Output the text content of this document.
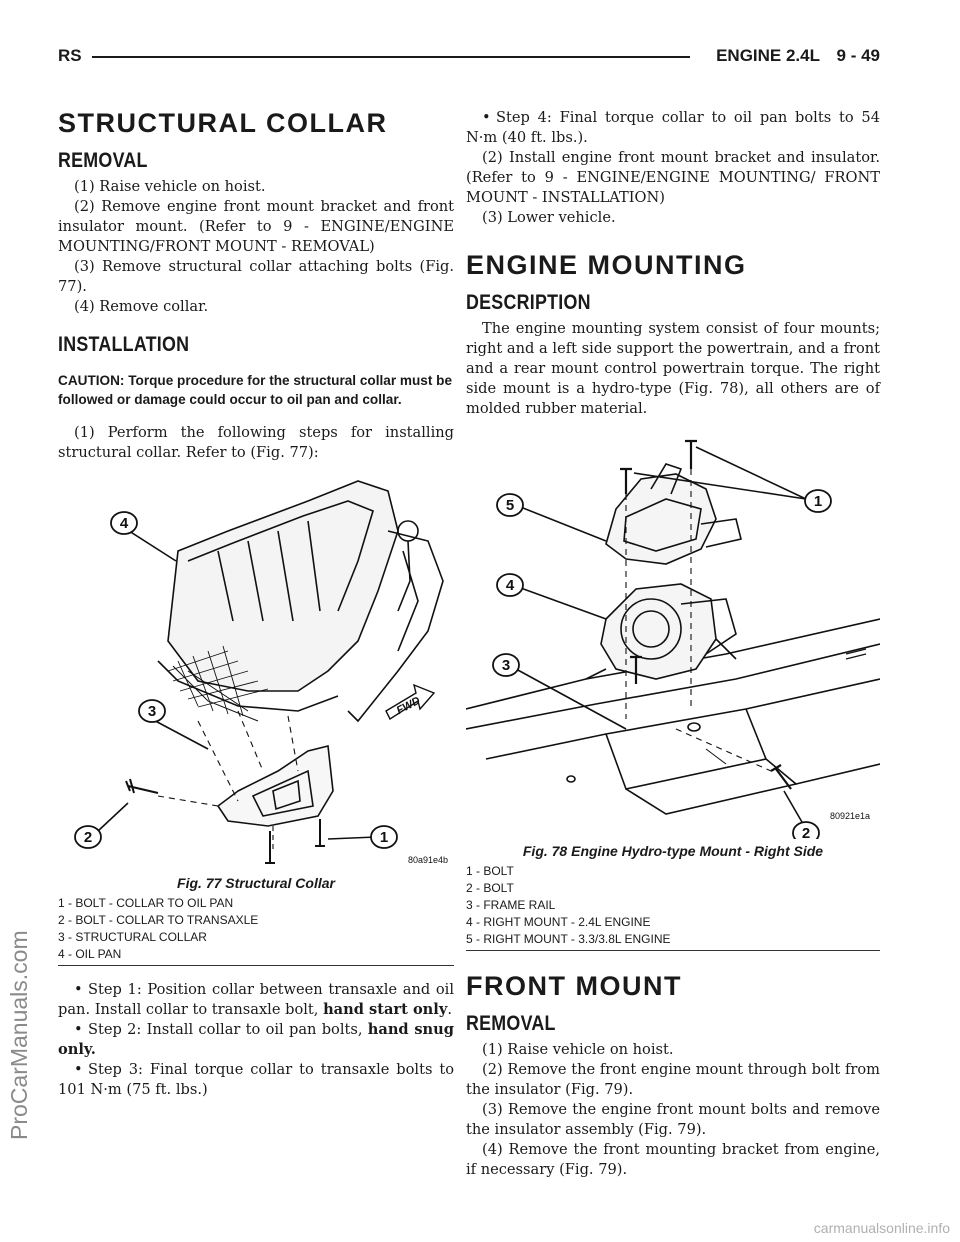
RS	ENGINE 2.4L 9 - 49
STRUCTURAL COLLAR
REMOVAL

(1) Raise vehicle on hoist.

(2) Remove engine front mount bracket and front insulator mount. (Refer to 9 - ENGINE/ENGINE MOUNTING/FRONT MOUNT - REMOVAL)

(3) Remove structural collar attaching bolts (Fig. 77).

(4) Remove collar.

INSTALLATION
CAUTION: Torque procedure for the structural collar must be followed or damage could occur to oil pan and collar.

(1) Perform the following steps for installing structural collar. Refer to (Fig. 77):

1
2
3
4
FWD
80a91e4b
Fig. 77 Structural Collar
1 - BOLT - COLLAR TO OIL PAN
2 - BOLT - COLLAR TO TRANSAXLE
3 - STRUCTURAL COLLAR
4 - OIL PAN

• Step 1: Position collar between transaxle and oil pan. Install collar to transaxle bolt, hand start only.

• Step 2: Install collar to oil pan bolts, hand snug only.

• Step 3: Final torque collar to transaxle bolts to 101 N·m (75 ft. lbs.)

• Step 4: Final torque collar to oil pan bolts to 54 N·m (40 ft. lbs.).

(2) Install engine front mount bracket and insulator. (Refer to 9 - ENGINE/ENGINE MOUNTING/ FRONT MOUNT - INSTALLATION)

(3) Lower vehicle.

ENGINE MOUNTING
DESCRIPTION

The engine mounting system consist of four mounts; right and a left side support the powertrain, and a front and a rear mount control powertrain torque. The right side mount is a hydro-type (Fig. 78), all others are of molded rubber material.

1
2
3
4
5
80921e1a
Fig. 78 Engine Hydro-type Mount - Right Side
1 - BOLT
2 - BOLT
3 - FRAME RAIL
4 - RIGHT MOUNT - 2.4L ENGINE
5 - RIGHT MOUNT - 3.3/3.8L ENGINE
FRONT MOUNT
REMOVAL

(1) Raise vehicle on hoist.

(2) Remove the front engine mount through bolt from the insulator (Fig. 79).

(3) Remove the engine front mount bolts and remove the insulator assembly (Fig. 79).

(4) Remove the front mounting bracket from engine, if necessary (Fig. 79).

ProCarManuals.com
carmanualsonline.info
